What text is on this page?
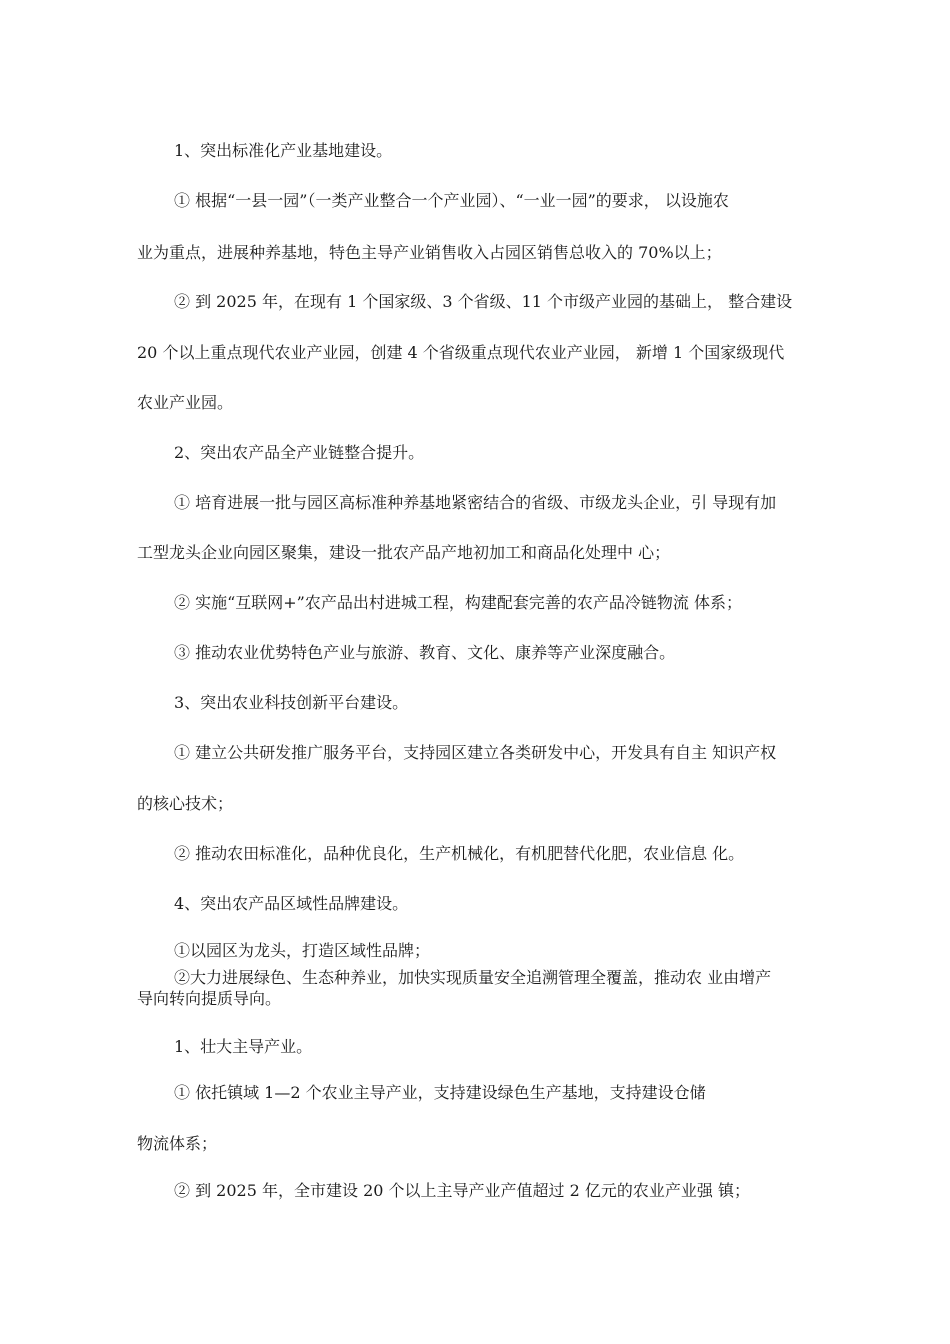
1、突出标准化产业基地建设。
① 根据“一县一园”（一类产业整合一个产业园）、“一业一园”的要求， 以设施农
业为重点，进展种养基地，特色主导产业销售收入占园区销售总收入的 70%以上；
② 到 2025 年，在现有 1 个国家级、3 个省级、11 个市级产业园的基础上， 整合建设
20 个以上重点现代农业产业园，创建 4 个省级重点现代农业产业园， 新增 1 个国家级现代
农业产业园。
2、突出农产品全产业链整合提升。
① 培育进展一批与园区高标准种养基地紧密结合的省级、市级龙头企业，引 导现有加
工型龙头企业向园区聚集，建设一批农产品产地初加工和商品化处理中 心；
② 实施“互联网+”农产品出村进城工程，构建配套完善的农产品冷链物流 体系；
③ 推动农业优势特色产业与旅游、教育、文化、康养等产业深度融合。
3、突出农业科技创新平台建设。
① 建立公共研发推广服务平台，支持园区建立各类研发中心，开发具有自主 知识产权
的核心技术；
② 推动农田标准化，品种优良化，生产机械化，有机肥替代化肥，农业信息 化。
4、突出农产品区域性品牌建设。
①以园区为龙头，打造区域性品牌；
②大力进展绿色、生态种养业，加快实现质量安全追溯管理全覆盖，推动农 业由增产
导向转向提质导向。
1、壮大主导产业。
① 依托镇域 1—2 个农业主导产业，支持建设绿色生产基地，支持建设仓储
物流体系；
② 到 2025 年，全市建设 20 个以上主导产业产值超过 2 亿元的农业产业强 镇；
